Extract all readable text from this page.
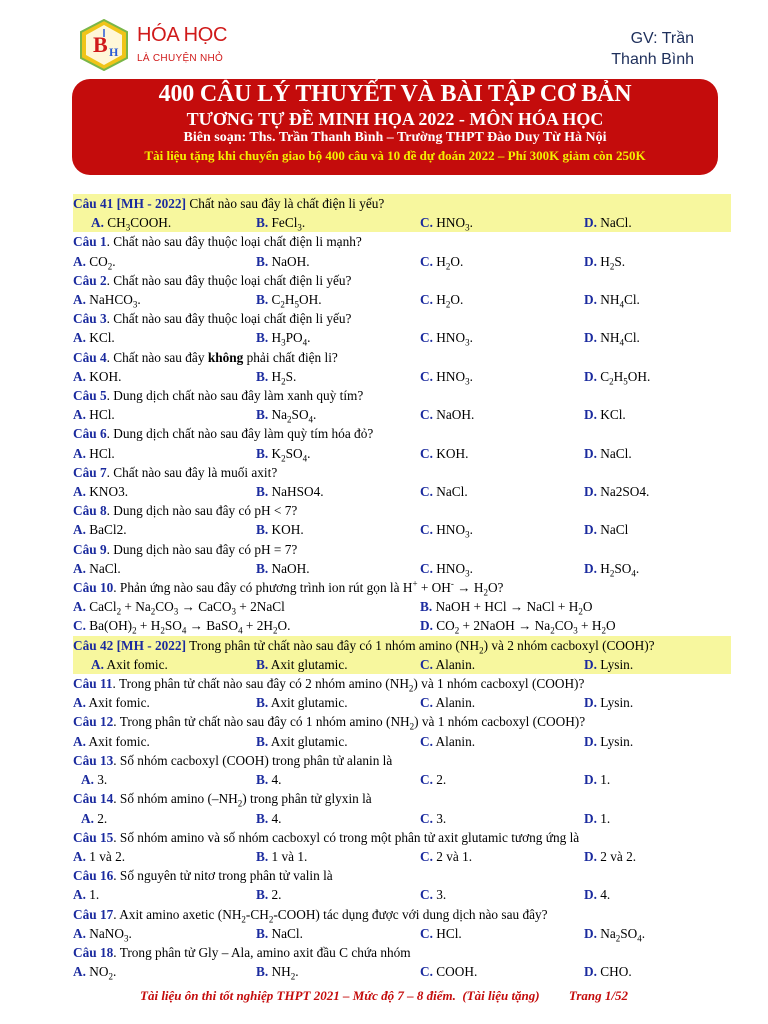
B H
HÓA HỌC
LÀ CHUYỆN NHỎ
GV: Trần Thanh Bình
400 CÂU LÝ THUYẾT VÀ BÀI TẬP CƠ BẢN
TƯƠNG TỰ ĐỀ MINH HỌA 2022 - MÔN HÓA HỌC
Biên soạn: Ths. Trần Thanh Bình – Trường THPT Đào Duy Từ Hà Nội
Tài liệu tặng khi chuyển giao bộ 400 câu và 10 đề dự đoán 2022 – Phí 300K giảm còn 250K
Câu 41 [MH - 2022] Chất nào sau đây là chất điện li yếu?
A. $CH_3COOH$.	B. FeCl$_3$.	C. $HNO_3$.	D. NaCl.
Câu 1. Chất nào sau đây thuộc loại chất điện li mạnh?
A. $CO_2$.	B. NaOH.	C. $H_2O$.	D. $H_2S$.
Câu 2. Chất nào sau đây thuộc loại chất điện li yếu?
A. NaHCO$_3$.	B. $C_2H_5OH$.	C. $H_2O$.	D. $NH_4Cl$.
Câu 3. Chất nào sau đây thuộc loại chất điện li yếu?
A. KCl.	B. $H_3PO_4$.	C. $HNO_3$.	D. $NH_4Cl$.
Câu 4. Chất nào sau đây không phải chất điện li?
A. KOH.	B. $H_2S$.	C. $HNO_3$.	D. $C_2H_5OH$.
Câu 5. Dung dịch chất nào sau đây làm xanh quỳ tím?
A. HCl.	B. $Na_2SO_4$.	C. NaOH.	D. KCl.
Câu 6. Dung dịch chất nào sau đây làm quỳ tím hóa đỏ?
A. HCl.	B. $K_2SO_4$.	C. KOH.	D. NaCl.
Câu 7. Chất nào sau đây là muối axit?
A. KNO3.	B. NaHSO4.	C. NaCl.	D. Na2SO4.
Câu 8. Dung dịch nào sau đây có pH < 7?
A. BaCl2.	B. KOH.	C. $HNO_3$.	D. NaCl
Câu 9. Dung dịch nào sau đây có pH = 7?
A. NaCl.	B. NaOH.	C. $HNO_3$.	D. $H_2SO_4$.
Câu 10. Phản ứng nào sau đây có phương trình ion rút gọn là $H^+ + OH^- \to H_2O$?
A. CaCl$_2$ + $Na_2CO_3$ → CaCO$_3$ + 2NaCl	B. NaOH + HCl → NaCl + $H_2O$
C. $Ba(OH)_2 + H_2SO_4$ → BaSO$_4$ + $2H_2O$.	D. $CO_2$ + 2NaOH → $Na_2CO_3 + H_2O$
Câu 42 [MH - 2022] Trong phân tử chất nào sau đây có 1 nhóm amino $(NH_2)$ và 2 nhóm cacboxyl (COOH)?
A. Axit fomic.	B. Axit glutamic.	C. Alanin.	D. Lysin.
Câu 11. Trong phân tử chất nào sau đây có 2 nhóm amino $(NH_2)$ và 1 nhóm cacboxyl (COOH)?
A. Axit fomic.	B. Axit glutamic.	C. Alanin.	D. Lysin.
Câu 12. Trong phân tử chất nào sau đây có 1 nhóm amino $(NH_2)$ và 1 nhóm cacboxyl (COOH)?
A. Axit fomic.	B. Axit glutamic.	C. Alanin.	D. Lysin.
Câu 13. Số nhóm cacboxyl (COOH) trong phân tử alanin là
A. 3.	B. 4.	C. 2.	D. 1.
Câu 14. Số nhóm amino $(-NH_2)$ trong phân tử glyxin là
A. 2.	B. 4.	C. 3.	D. 1.
Câu 15. Số nhóm amino và số nhóm cacboxyl có trong một phân tử axit glutamic tương ứng là
A. 1 và 2.	B. 1 và 1.	C. 2 và 1.	D. 2 và 2.
Câu 16. Số nguyên tử nitơ trong phân tử valin là
A. 1.	B. 2.	C. 3.	D. 4.
Câu 17. Axit amino axetic $(NH_2-CH_2-COOH)$ tác dụng được với dung dịch nào sau đây?
A. NaNO$_3$.	B. NaCl.	C. HCl.	D. $Na_2SO_4$.
Câu 18. Trong phân tử Gly – Ala, amino axit đầu C chứa nhóm
A. $NO_2$.	B. $NH_2$.	C. COOH.	D. CHO.
Tài liệu ôn thi tốt nghiệp THPT 2021 – Mức độ 7 – 8 điểm.  (Tài liệu tặng) Trang 1/52
